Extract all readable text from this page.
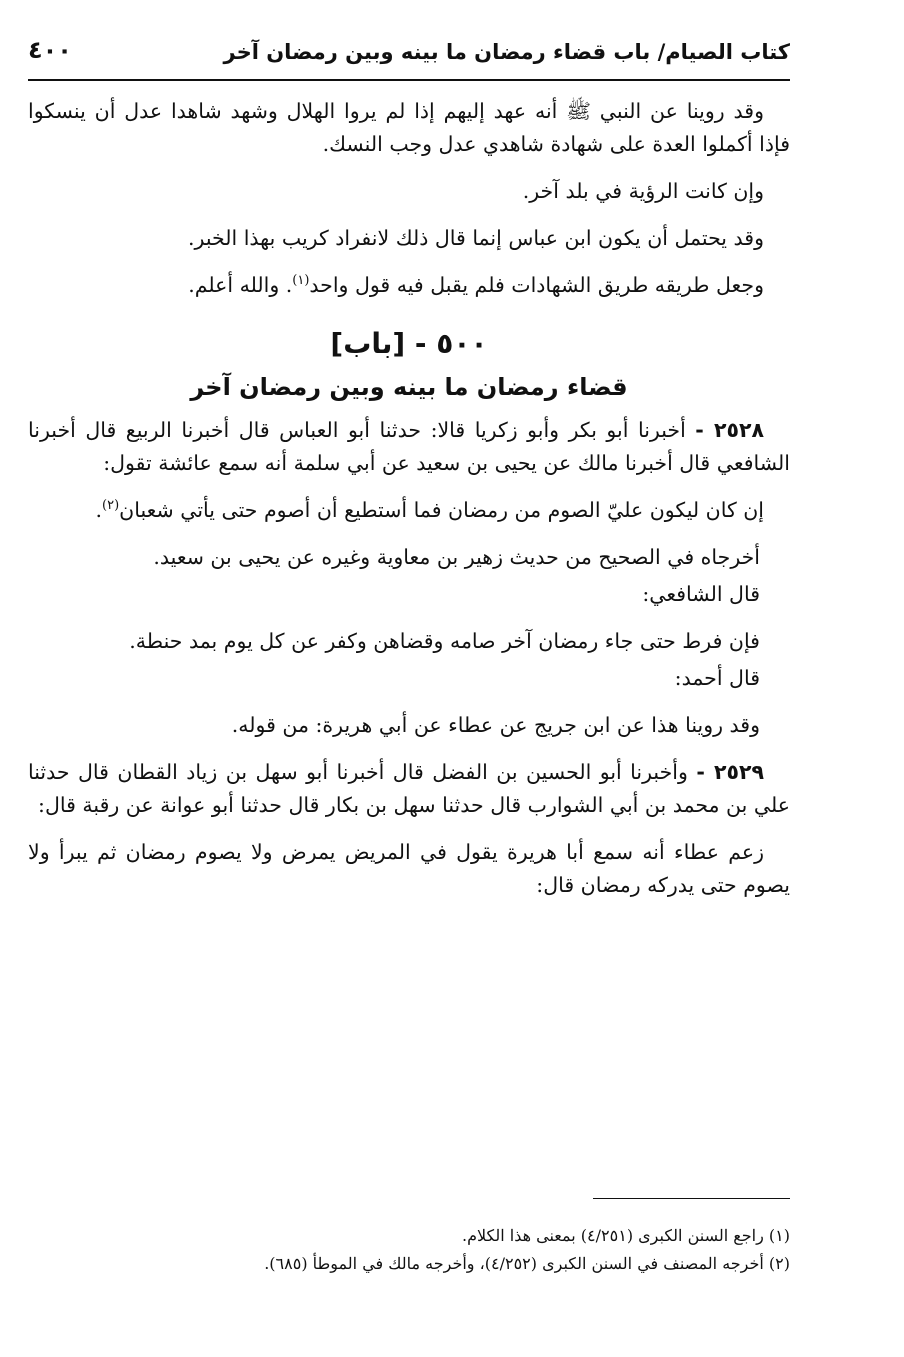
كتاب الصيام/ باب قضاء رمضان ما بينه وبين رمضان آخر
٤٠٠

وقد روينا عن النبي ﷺ أنه عهد إليهم إذا لم يروا الهلال وشهد شاهدا عدل أن ينسكوا فإذا أكملوا العدة على شهادة شاهدي عدل وجب النسك.

وإن كانت الرؤية في بلد آخر.

وقد يحتمل أن يكون ابن عباس إنما قال ذلك لانفراد كريب بهذا الخبر.

وجعل طريقه طريق الشهادات فلم يقبل فيه قول واحد$^{(١)}$. والله أعلم.

٥٠٠ - [باب]
قضاء رمضان ما بينه وبين رمضان آخر

٢٥٢٨ - أخبرنا أبو بكر وأبو زكريا قالا: حدثنا أبو العباس قال أخبرنا الربيع قال أخبرنا الشافعي قال أخبرنا مالك عن يحيى بن سعيد عن أبي سلمة أنه سمع عائشة تقول:

إن كان ليكون عليّ الصوم من رمضان فما أستطيع أن أصوم حتى يأتي شعبان$^{(٢)}$.

أخرجاه في الصحيح من حديث زهير بن معاوية وغيره عن يحيى بن سعيد.

قال الشافعي:

فإن فرط حتى جاء رمضان آخر صامه وقضاهن وكفر عن كل يوم بمد حنطة.

قال أحمد:

وقد روينا هذا عن ابن جريج عن عطاء عن أبي هريرة: من قوله.

٢٥٢٩ - وأخبرنا أبو الحسين بن الفضل قال أخبرنا أبو سهل بن زياد القطان قال حدثنا علي بن محمد بن أبي الشوارب قال حدثنا سهل بن بكار قال حدثنا أبو عوانة عن رقبة قال:

زعم عطاء أنه سمع أبا هريرة يقول في المريض يمرض ولا يصوم رمضان ثم يبرأ ولا يصوم حتى يدركه رمضان قال:

(١) راجع السنن الكبرى (٤/٢٥١) بمعنى هذا الكلام.
(٢) أخرجه المصنف في السنن الكبرى (٤/٢٥٢)، وأخرجه مالك في الموطأ (٦٨٥).
